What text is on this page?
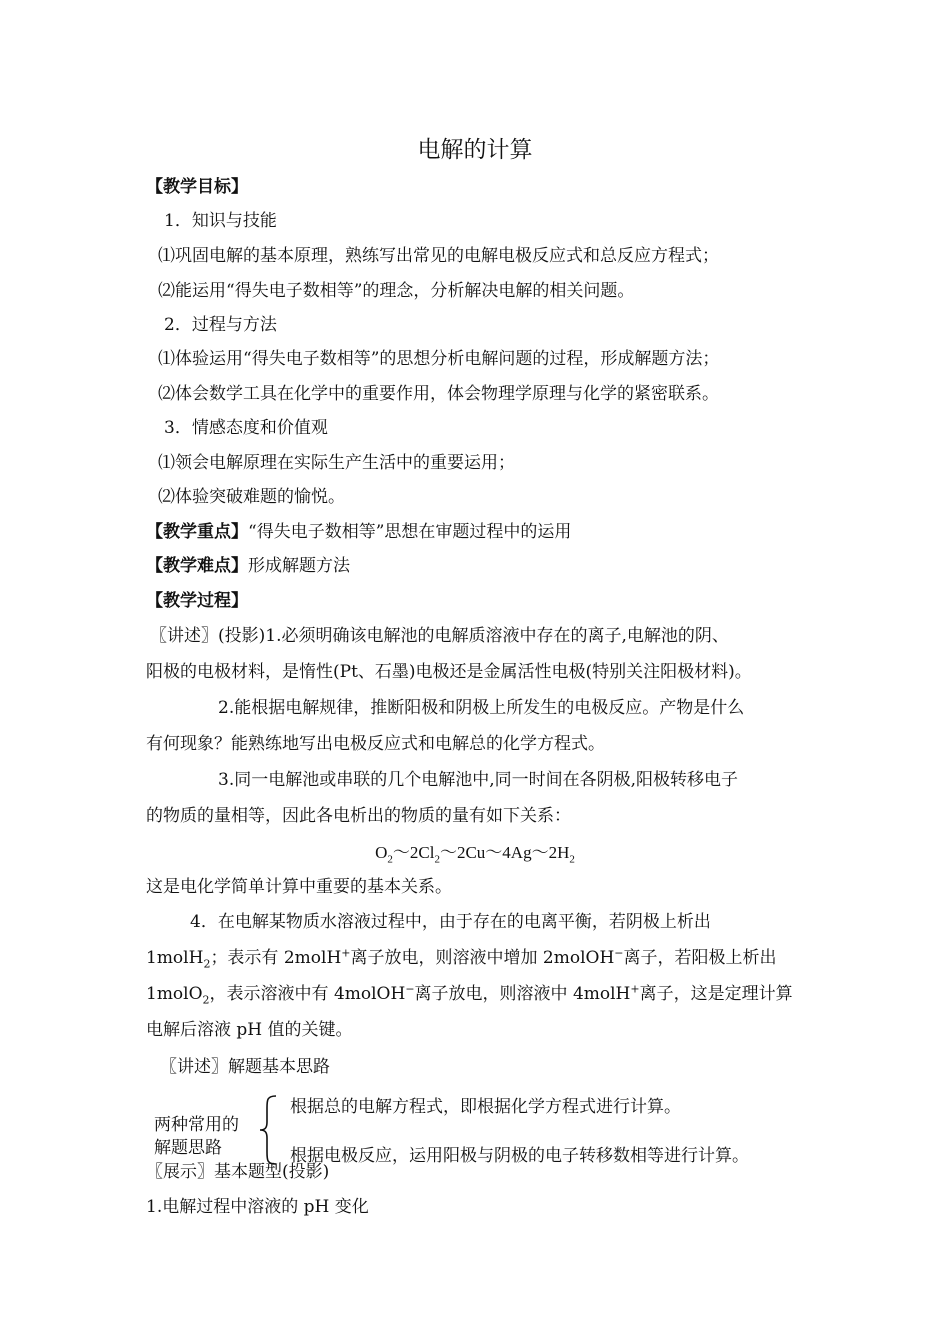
电解的计算
【教学目标】
1．知识与技能
⑴巩固电解的基本原理，熟练写出常见的电解电极反应式和总反应方程式；
⑵能运用“得失电子数相等”的理念，分析解决电解的相关问题。
2．过程与方法
⑴体验运用“得失电子数相等”的思想分析电解问题的过程，形成解题方法；
⑵体会数学工具在化学中的重要作用，体会物理学原理与化学的紧密联系。
3．情感态度和价值观
⑴领会电解原理在实际生产生活中的重要运用；
⑵体验突破难题的愉悦。
【教学重点】“得失电子数相等”思想在审题过程中的运用
【教学难点】形成解题方法
【教学过程】
〖讲述〗(投影)1.必须明确该电解池的电解质溶液中存在的离子,电解池的阴、
阳极的电极材料，是惰性(Pt、石墨)电极还是金属活性电极(特别关注阳极材料)。
2.能根据电解规律，推断阳极和阴极上所发生的电极反应。产物是什么
有何现象？能熟练地写出电极反应式和电解总的化学方程式。
3.同一电解池或串联的几个电解池中,同一时间在各阴极,阳极转移电子
的物质的量相等，因此各电析出的物质的量有如下关系：
$O_2\sim 2Cl_2\sim 2Cu\sim 4Ag\sim 2H_2$
这是电化学简单计算中重要的基本关系。
4．在电解某物质水溶液过程中，由于存在的电离平衡，若阴极上析出
1molH$_2$；表示有 2molH+离子放电，则溶液中增加 2molOH−离子，若阳极上析出
1molO$_2$，表示溶液中有 4molOH−离子放电，则溶液中 4molH+离子，这是定理计算
电解后溶液 pH 值的关键。
〖讲述〗解题基本思路
两种常用的
解题思路
根据总的电解方程式，即根据化学方程式进行计算。
根据电极反应，运用阳极与阴极的电子转移数相等进行计算。
〖展示〗基本题型(投影)
1.电解过程中溶液的 pH 变化
